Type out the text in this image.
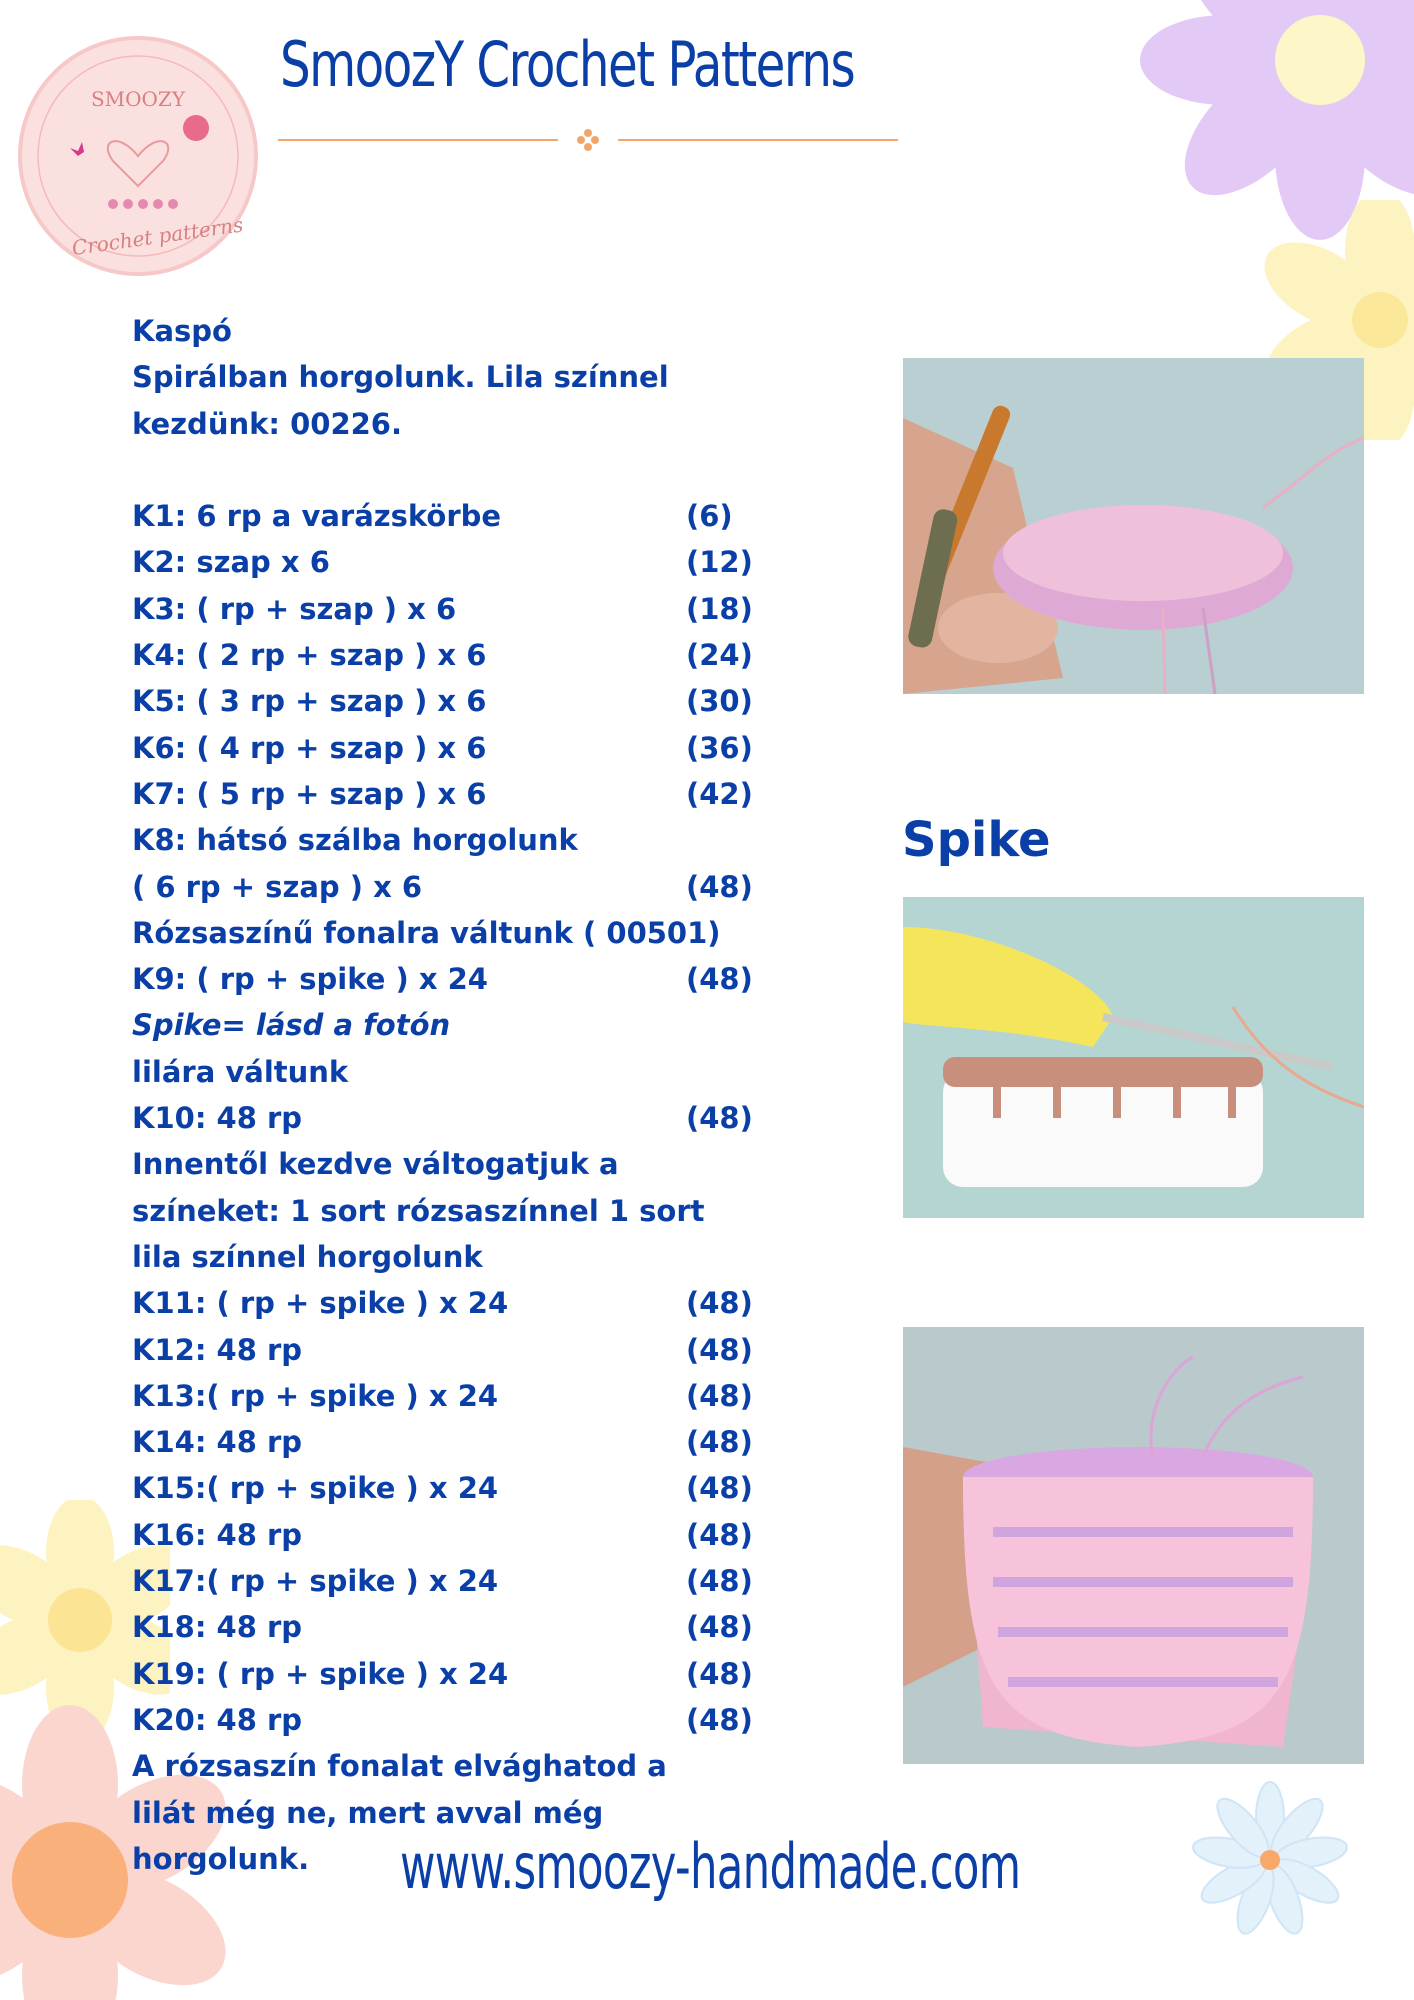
SMOOZY
Crochet patterns
SmoozY Crochet Patterns
Kaspó
Spirálban horgolunk. Lila színnel
kezdünk: 00226.
K1: 6 rp a varázskörbe	(6)
K2: szap x 6	(12)
K3: ( rp + szap ) x 6	(18)
K4: ( 2 rp + szap ) x 6	(24)
K5: ( 3 rp + szap ) x 6	(30)
K6: ( 4 rp + szap ) x 6	(36)
K7: ( 5 rp + szap ) x 6	(42)
K8: hátsó szálba horgolunk
( 6 rp + szap ) x 6	(48)
Rózsaszínű fonalra váltunk ( 00501)
K9: ( rp + spike ) x 24	(48)
Spike= lásd a fotón
lilára váltunk
K10: 48 rp	(48)
Innentől kezdve váltogatjuk a
színeket: 1 sort rózsaszínnel 1 sort
lila színnel horgolunk
K11: ( rp + spike ) x 24	(48)
K12: 48 rp	(48)
K13:( rp + spike ) x 24	(48)
K14: 48 rp	(48)
K15:( rp + spike ) x 24	(48)
K16: 48 rp	(48)
K17:( rp + spike ) x 24	(48)
K18: 48 rp	(48)
K19: ( rp + spike ) x 24	(48)
K20: 48 rp	(48)
A rózsaszín fonalat elvághatod a
lilát még ne, mert avval még
horgolunk.
Spike
www.smoozy-handmade.com
